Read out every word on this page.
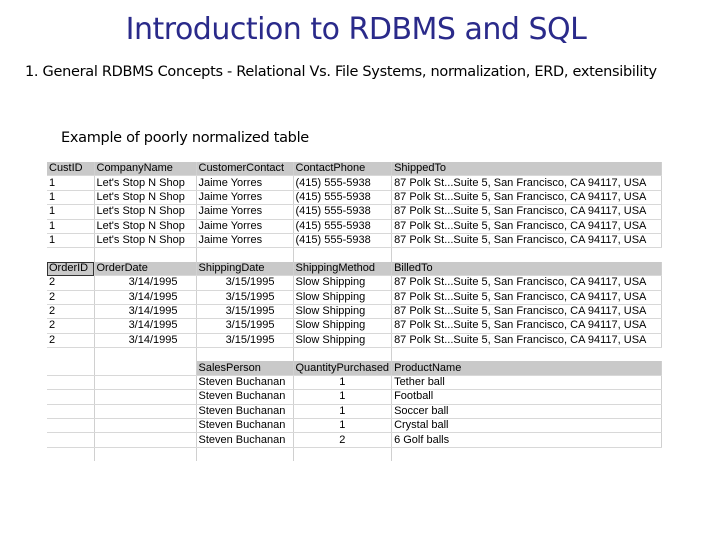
Introduction to RDBMS and SQL
1. General RDBMS Concepts - Relational Vs. File Systems, normalization, ERD, extensibility
Example of poorly normalized table
CustID	CompanyName	CustomerContact	ContactPhone	ShippedTo
1	Let's Stop N Shop	Jaime Yorres	(415) 555-5938	87 Polk St...Suite 5, San Francisco, CA 94117, USA
1	Let's Stop N Shop	Jaime Yorres	(415) 555-5938	87 Polk St...Suite 5, San Francisco, CA 94117, USA
1	Let's Stop N Shop	Jaime Yorres	(415) 555-5938	87 Polk St...Suite 5, San Francisco, CA 94117, USA
1	Let's Stop N Shop	Jaime Yorres	(415) 555-5938	87 Polk St...Suite 5, San Francisco, CA 94117, USA
1	Let's Stop N Shop	Jaime Yorres	(415) 555-5938	87 Polk St...Suite 5, San Francisco, CA 94117, USA

OrderID	OrderDate	ShippingDate	ShippingMethod	BilledTo
2	3/14/1995	3/15/1995	Slow Shipping	87 Polk St...Suite 5, San Francisco, CA 94117, USA
2	3/14/1995	3/15/1995	Slow Shipping	87 Polk St...Suite 5, San Francisco, CA 94117, USA
2	3/14/1995	3/15/1995	Slow Shipping	87 Polk St...Suite 5, San Francisco, CA 94117, USA
2	3/14/1995	3/15/1995	Slow Shipping	87 Polk St...Suite 5, San Francisco, CA 94117, USA
2	3/14/1995	3/15/1995	Slow Shipping	87 Polk St...Suite 5, San Francisco, CA 94117, USA

		SalesPerson	QuantityPurchased	ProductName
		Steven Buchanan	1	Tether ball
		Steven Buchanan	1	Football
		Steven Buchanan	1	Soccer ball
		Steven Buchanan	1	Crystal ball
		Steven Buchanan	2	6 Golf balls
